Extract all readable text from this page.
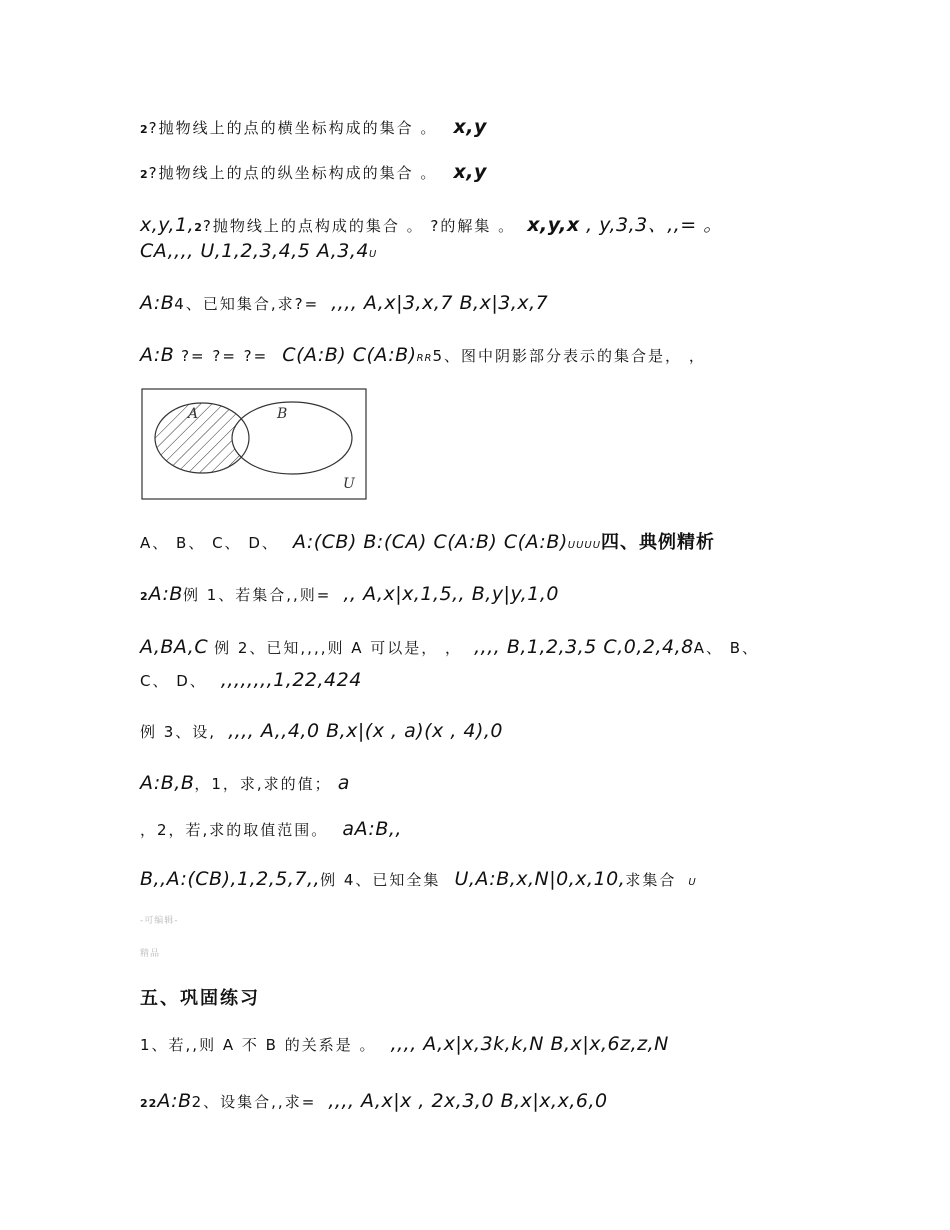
2?抛物线上的点的横坐标构成的集合 。 x,y
2?抛物线上的点的纵坐标构成的集合 。 x,y
x,y,1,2?抛物线上的点构成的集合 。 ?的解集 。 x,y,x , y,3,3、,,= 。
CA,,,, U,1,2,3,4,5 A,3,4U
A:B4、已知集合,求?= ,,,, A,x|3,x,7 B,x|3,x,7
A:B ?= ?= ?= C(A:B) C(A:B)RR5、图中阴影部分表示的集合是， ，
A	B
U
A、 B、 C、 D、 A:(CB) B:(CA) C(A:B) C(A:B)UUUU四、典例精析
2A:B例 1、若集合,,则= ,, A,x|x,1,5,, B,y|y,1,0
A,BA,C 例 2、已知,,,,则 A 可以是， ， ,,,, B,1,2,3,5 C,0,2,4,8A、 B、
C、 D、 ,,,,,,,,1,22,424
例 3、设, ,,,, A,,4,0 B,x|(x , a)(x , 4),0
A:B,B，1，求,求的值； a
，2，若,求的取值范围。 aA:B,,
B,,A:(CB),1,2,5,7,,例 4、已知全集 U,A:B,x,N|0,x,10,求集合 U
-可编辑-
精品
五、巩固练习
1、若,,则 A 不 B 的关系是 。 ,,,, A,x|x,3k,k,N B,x|x,6z,z,N
22A:B2、设集合,,求= ,,,, A,x|x , 2x,3,0 B,x|x,x,6,0
